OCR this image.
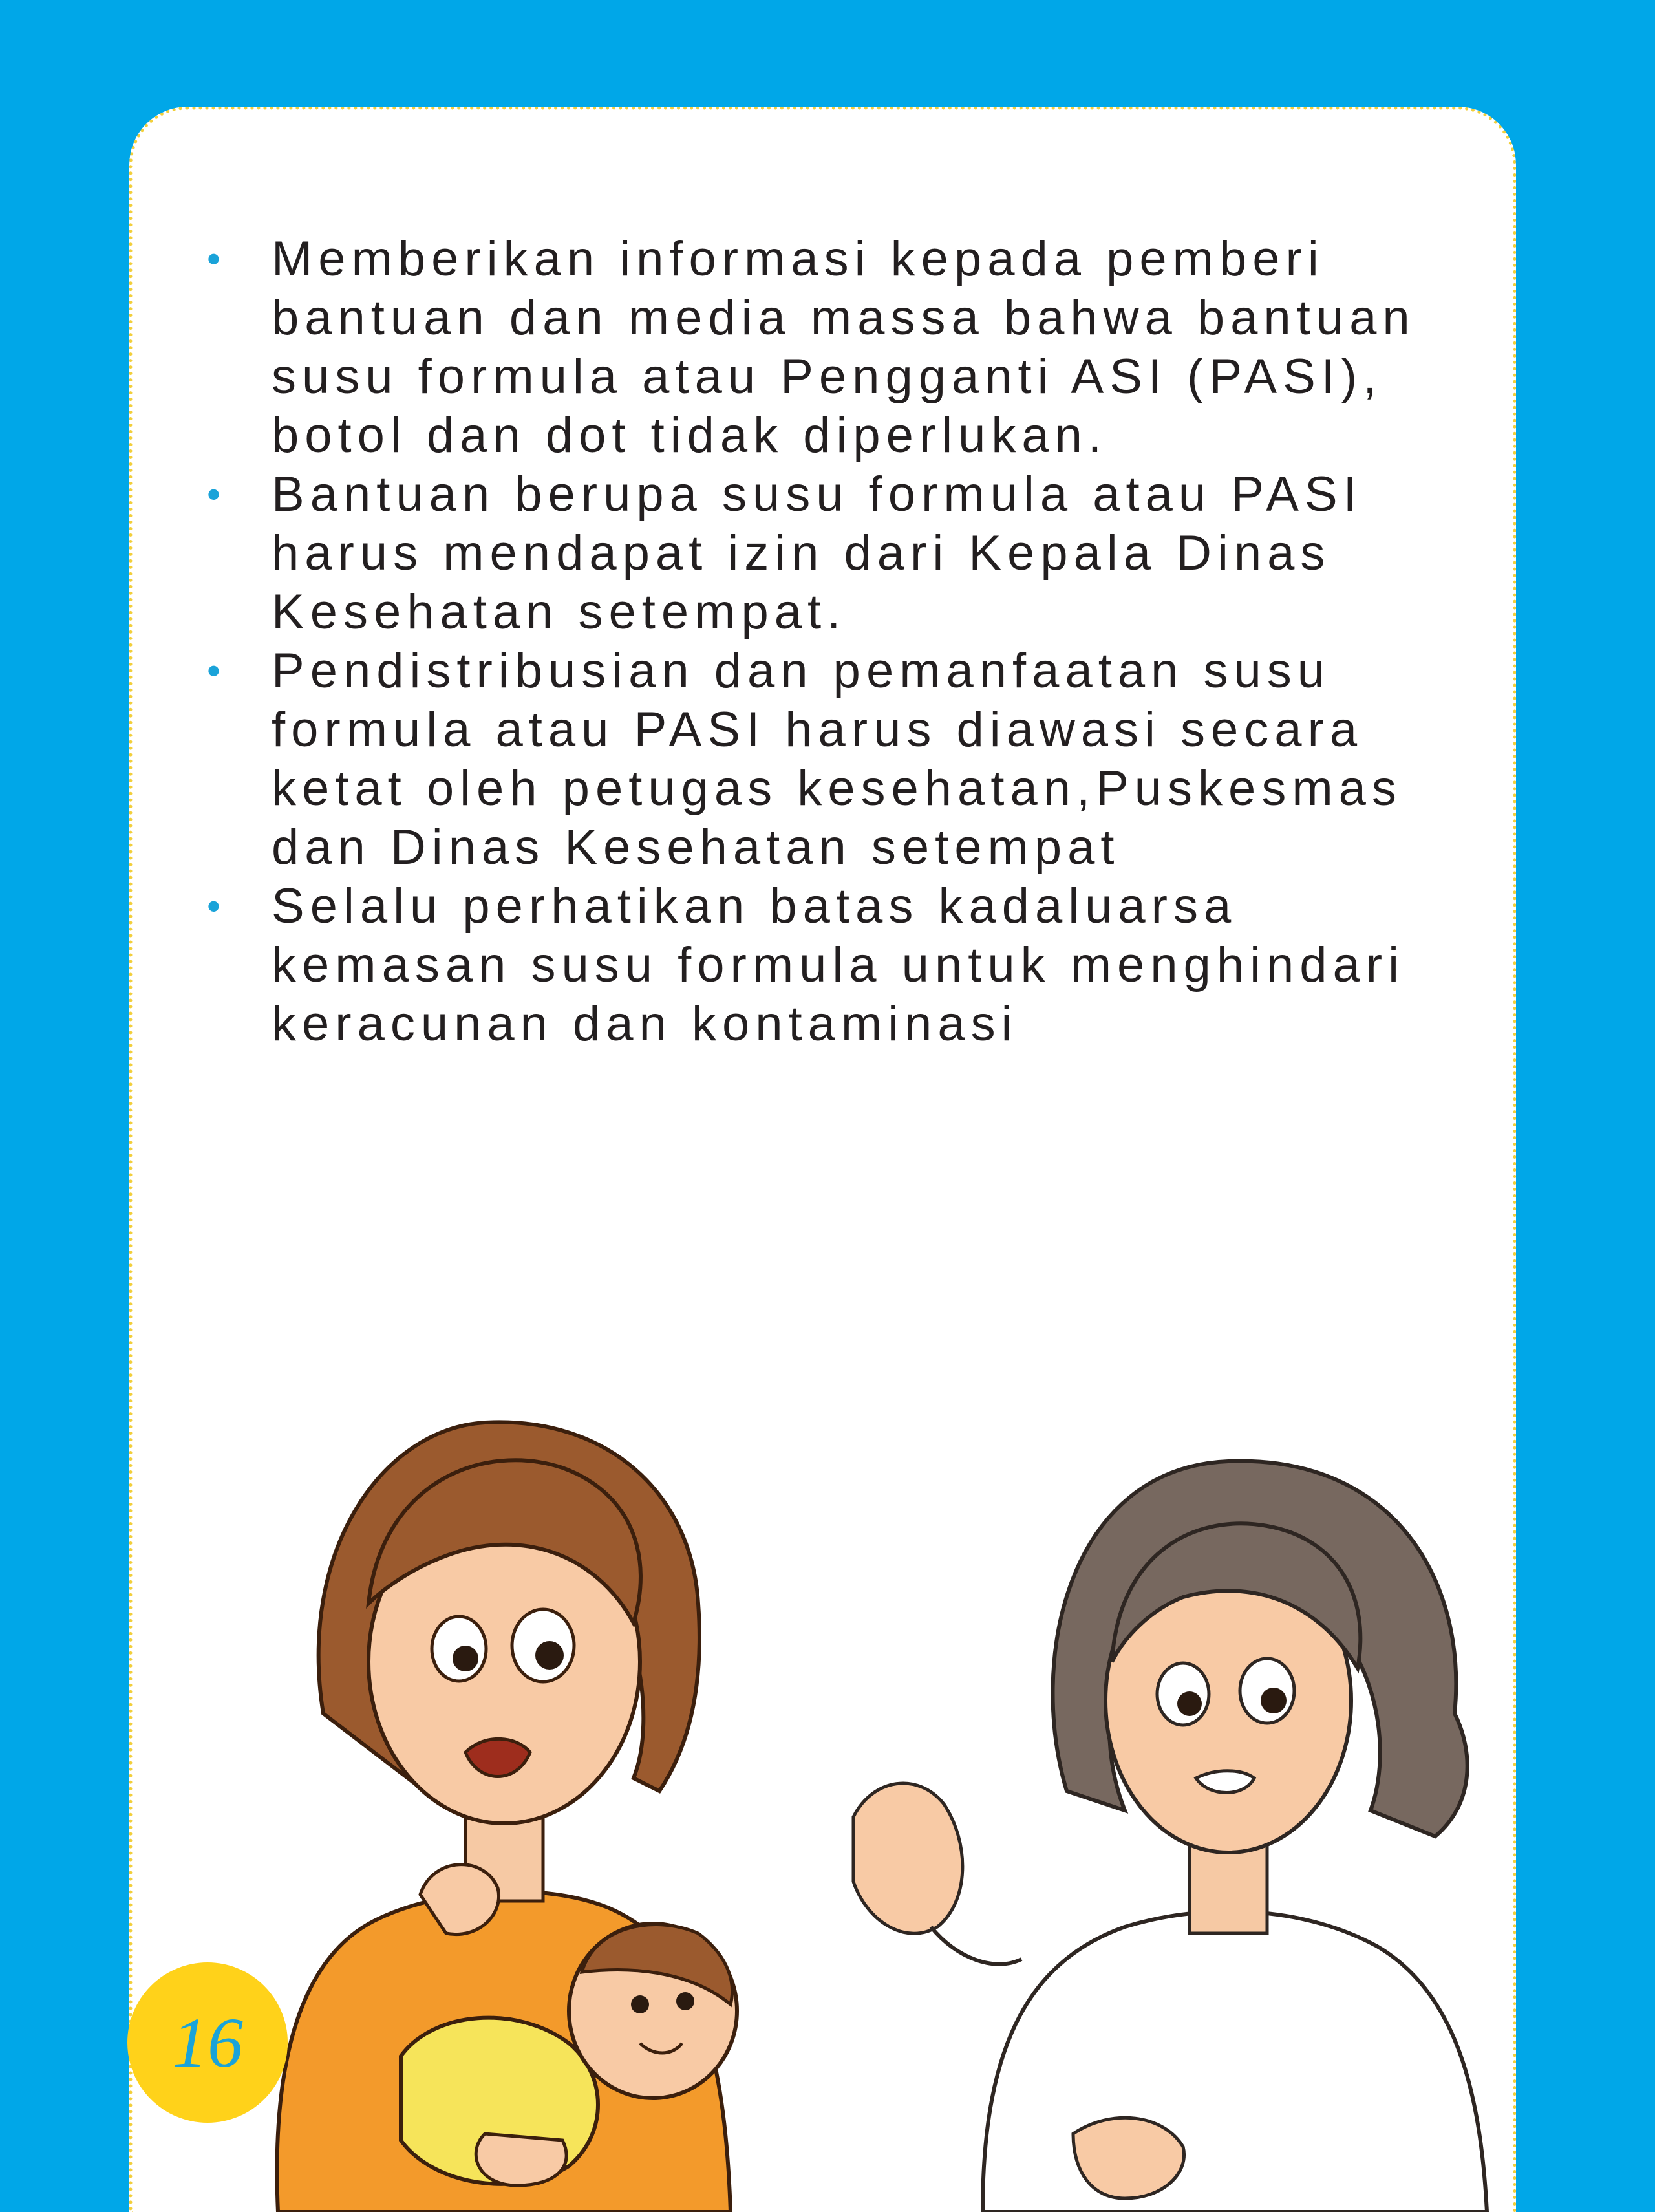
• Memberikan informasi kepada pemberi bantuan dan media massa bahwa bantuan susu formula atau Pengganti ASI (PASI), botol dan dot tidak diperlukan.
• Bantuan berupa susu formula atau PASI harus mendapat izin dari Kepala Dinas Kesehatan setempat.
• Pendistribusian dan pemanfaatan susu formula atau PASI harus diawasi secara ketat oleh petugas kesehatan,Puskesmas dan Dinas Kesehatan setempat
• Selalu perhatikan batas kadaluarsa kemasan susu formula untuk menghindari keracunan dan kontaminasi
16
